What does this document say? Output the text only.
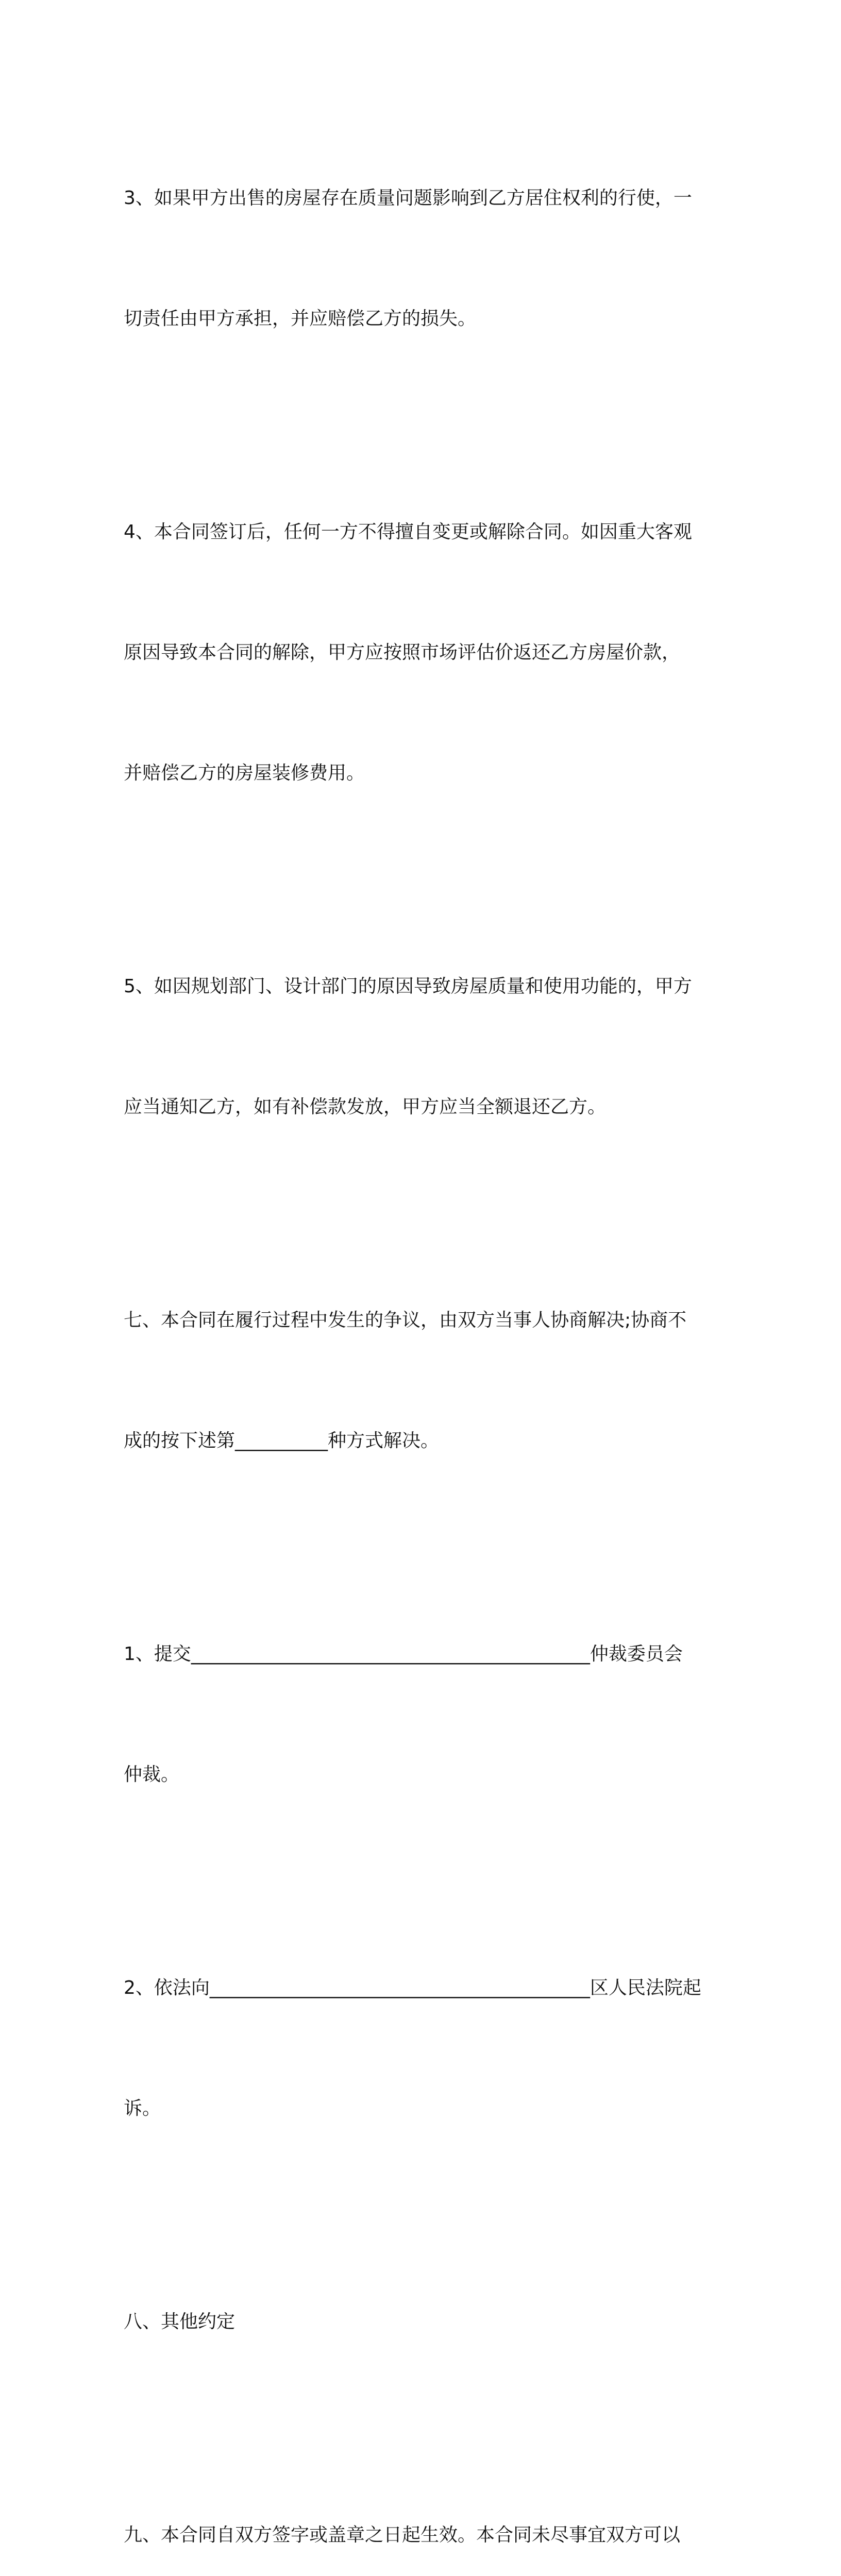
3、如果甲方出售的房屋存在质量问题影响到乙方居住权利的行使，一

切责任由甲方承担，并应赔偿乙方的损失。

4、本合同签订后，任何一方不得擅自变更或解除合同。如因重大客观

原因导致本合同的解除，甲方应按照市场评估价返还乙方房屋价款，

并赔偿乙方的房屋装修费用。

5、如因规划部门、设计部门的原因导致房屋质量和使用功能的，甲方

应当通知乙方，如有补偿款发放，甲方应当全额退还乙方。

七、本合同在履行过程中发生的争议，由双方当事人协商解决;协商不

成的按下述第__________种方式解决。

1、提交___________________________________________仲裁委员会

仲裁。

2、依法向_________________________________________区人民法院起

诉。

八、其他约定

九、本合同自双方签字或盖章之日起生效。本合同未尽事宜双方可以
